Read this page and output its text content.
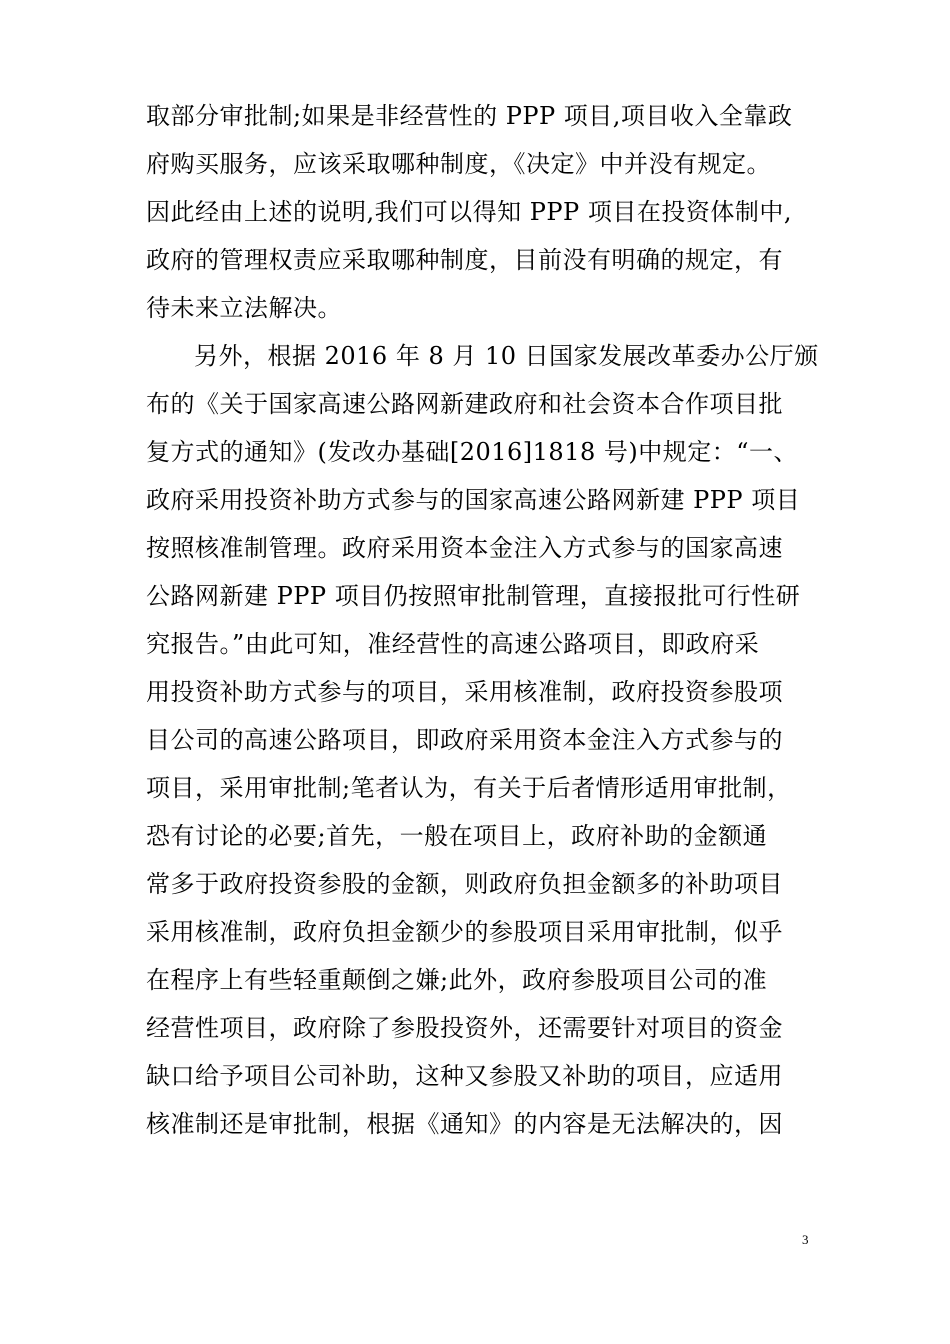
取部分审批制;如果是非经营性的 PPP 项目,项目收入全靠政
府购买服务，应该采取哪种制度，《决定》中并没有规定。
因此经由上述的说明,我们可以得知 PPP 项目在投资体制中,
政府的管理权责应采取哪种制度，目前没有明确的规定，有
待未来立法解决。
另外，根据 2016 年 8 月 10 日国家发展改革委办公厅颁
布的《关于国家高速公路网新建政府和社会资本合作项目批
复方式的通知》(发改办基础[2016]1818 号)中规定：“一、
政府采用投资补助方式参与的国家高速公路网新建 PPP 项目
按照核准制管理。政府采用资本金注入方式参与的国家高速
公路网新建 PPP 项目仍按照审批制管理，直接报批可行性研
究报告。”由此可知，准经营性的高速公路项目，即政府采
用投资补助方式参与的项目，采用核准制，政府投资参股项
目公司的高速公路项目，即政府采用资本金注入方式参与的
项目，采用审批制;笔者认为，有关于后者情形适用审批制，
恐有讨论的必要;首先，一般在项目上，政府补助的金额通
常多于政府投资参股的金额，则政府负担金额多的补助项目
采用核准制，政府负担金额少的参股项目采用审批制，似乎
在程序上有些轻重颠倒之嫌;此外，政府参股项目公司的准
经营性项目，政府除了参股投资外，还需要针对项目的资金
缺口给予项目公司补助，这种又参股又补助的项目，应适用
核准制还是审批制，根据《通知》的内容是无法解决的，因
3
